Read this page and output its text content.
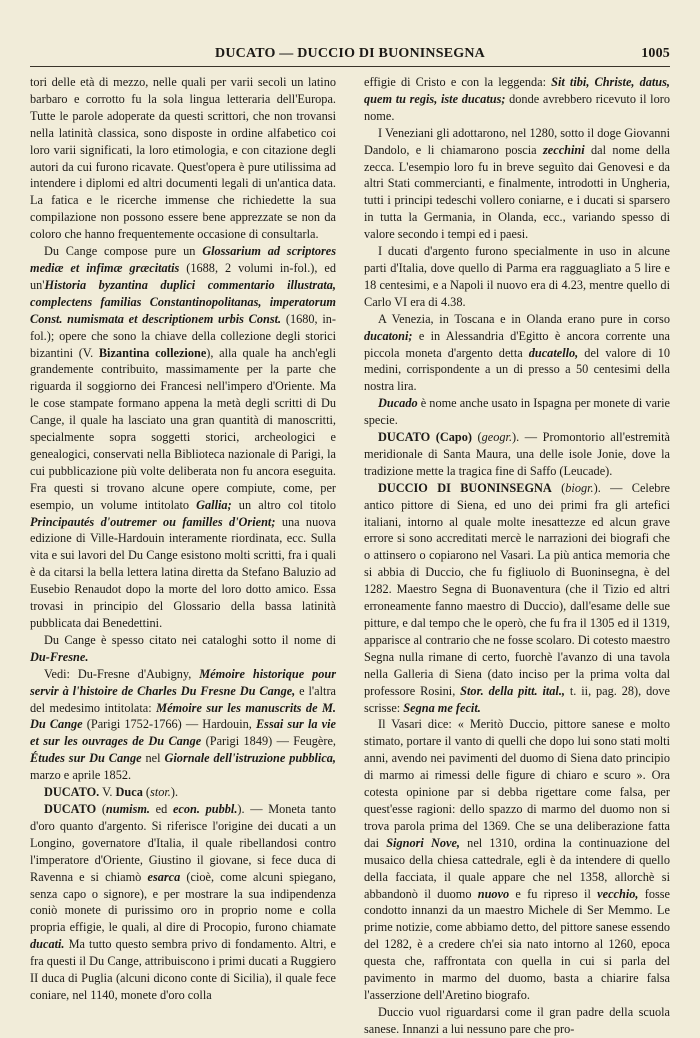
DUCATO — DUCCIO DI BUONINSEGNA	1005

tori delle età di mezzo, nelle quali per varii secoli un latino barbaro e corrotto fu la sola lingua letteraria dell'Europa. Tutte le parole adoperate da questi scrittori, che non trovansi nella latinità classica, sono disposte in ordine alfabetico coi loro varii significati, la loro etimologia, e con citazione degli autori da cui furono ricavate. Quest'opera è pure utilissima ad intendere i diplomi ed altri documenti legali di un'antica data. La fatica e le ricerche immense che richiedette la sua compilazione non possono essere bene apprezzate se non da coloro che hanno frequentemente occasione di consultarla.

Du Cange compose pure un Glossarium ad scriptores mediæ et infimæ græcitatis (1688, 2 volumi in-fol.), ed un'Historia byzantina duplici commentario illustrata, complectens familias Constantinopolitanas, imperatorum Const. numismata et descriptionem urbis Const. (1680, in-fol.); opere che sono la chiave della collezione degli storici bizantini (V. Bizantina collezione), alla quale ha anch'egli grandemente contribuito, massimamente per la parte che riguarda il soggiorno dei Francesi nell'impero d'Oriente. Ma le cose stampate formano appena la metà degli scritti di Du Cange, il quale ha lasciato una gran quantità di manoscritti, specialmente sopra soggetti storici, archeologici e genealogici, conservati nella Biblioteca nazionale di Parigi, la cui pubblicazione più volte deliberata non fu ancora eseguita. Fra questi si trovano alcune opere compiute, come, per esempio, un volume intitolato Gallia; un altro col titolo Principautés d'outremer ou familles d'Orient; una nuova edizione di Ville-Hardouin interamente riordinata, ecc. Sulla vita e sui lavori del Du Cange esistono molti scritti, fra i quali è da citarsi la bella lettera latina diretta da Stefano Baluzio ad Eusebio Renaudot dopo la morte del loro dotto amico. Essa trovasi in principio del Glossario della bassa latinità pubblicata dai Benedettini.

Du Cange è spesso citato nei cataloghi sotto il nome di Du-Fresne.

Vedi: Du-Fresne d'Aubigny, Mémoire historique pour servir à l'histoire de Charles Du Fresne Du Cange, e l'altra del medesimo intitolata: Mémoire sur les manuscrits de M. Du Cange (Parigi 1752-1766) — Hardouin, Essai sur la vie et sur les ouvrages de Du Cange (Parigi 1849) — Feugère, Études sur Du Cange nel Giornale dell'istruzione pubblica, marzo e aprile 1852.

DUCATO. V. Duca (stor.).

DUCATO (numism. ed econ. pubbl.). — Moneta tanto d'oro quanto d'argento. Si riferisce l'origine dei ducati a un Longino, governatore d'Italia, il quale ribellandosi contro l'imperatore d'Oriente, Giustino il giovane, si fece duca di Ravenna e si chiamò esarca (cioè, come alcuni spiegano, senza capo o signore), e per mostrare la sua indipendenza coniò monete di purissimo oro in proprio nome e colla propria effigie, le quali, al dire di Procopio, furono chiamate ducati. Ma tutto questo sembra privo di fondamento. Altri, e fra questi il Du Cange, attribuiscono i primi ducati a Ruggiero II duca di Puglia (alcuni dicono conte di Sicilia), il quale fece coniare, nel 1140, monete d'oro colla

effigie di Cristo e con la leggenda: Sit tibi, Christe, datus, quem tu regis, iste ducatus; donde avrebbero ricevuto il loro nome.

I Veneziani gli adottarono, nel 1280, sotto il doge Giovanni Dandolo, e li chiamarono poscia zecchini dal nome della zecca. L'esempio loro fu in breve seguìto dai Genovesi e da altri Stati commercianti, e finalmente, introdotti in Ungheria, tutti i principi tedeschi vollero coniarne, e i ducati si sparsero in tutta la Germania, in Olanda, ecc., variando spesso di valore secondo i tempi ed i paesi.

I ducati d'argento furono specialmente in uso in alcune parti d'Italia, dove quello di Parma era ragguagliato a 5 lire e 18 centesimi, e a Napoli il nuovo era di 4.23, mentre quello di Carlo VI era di 4.38.

A Venezia, in Toscana e in Olanda erano pure in corso ducatoni; e in Alessandria d'Egitto è ancora corrente una piccola moneta d'argento detta ducatello, del valore di 10 medini, corrispondente a un di presso a 50 centesimi della nostra lira.

Ducado è nome anche usato in Ispagna per monete di varie specie.

DUCATO (Capo) (geogr.). — Promontorio all'estremità meridionale di Santa Maura, una delle isole Jonie, dove la tradizione mette la tragica fine di Saffo (Leucade).

DUCCIO DI BUONINSEGNA (biogr.). — Celebre antico pittore di Siena, ed uno dei primi fra gli artefici italiani, intorno al quale molte inesattezze ed alcun grave errore si sono accreditati mercè le narrazioni dei biografi che o attinsero o copiarono nel Vasari. La più antica memoria che si abbia di Duccio, che fu figliuolo di Buoninsegna, è del 1282. Maestro Segna di Buonaventura (che il Tizio ed altri erroneamente fanno maestro di Duccio), dall'esame delle sue pitture, e dal tempo che le operò, che fu fra il 1305 ed il 1319, apparisce al contrario che ne fosse scolaro. Di cotesto maestro Segna nulla rimane di certo, fuorchè l'avanzo di una tavola nella Galleria di Siena (dato inciso per la prima volta dal professore Rosini, Stor. della pitt. ital., t. ii, pag. 28), dove scrisse: Segna me fecit.

Il Vasari dice: « Meritò Duccio, pittore sanese e molto stimato, portare il vanto di quelli che dopo lui sono stati molti anni, avendo nei pavimenti del duomo di Siena dato principio di marmo ai rimessi delle figure di chiaro e scuro ». Ora cotesta opinione par si debba rigettare come falsa, per quest'esse ragioni: dello spazzo di marmo del duomo non si trova parola prima del 1369. Che se una deliberazione fatta dai Signori Nove, nel 1310, ordina la continuazione del musaico della chiesa cattedrale, egli è da intendere di quello della facciata, il quale appare che nel 1358, allorchè si abbandonò il duomo nuovo e fu ripreso il vecchio, fosse condotto innanzi da un maestro Michele di Ser Memmo. Le prime notizie, come abbiamo detto, del pittore sanese essendo del 1282, è a credere ch'ei sia nato intorno al 1260, epoca questa che, raffrontata con quella in cui si parla del pavimento in marmo del duomo, basta a chiarire falsa l'asserzione dell'Aretino biografo.

Duccio vuol riguardarsi come il gran padre della scuola sanese. Innanzi a lui nessuno pare che pro-
